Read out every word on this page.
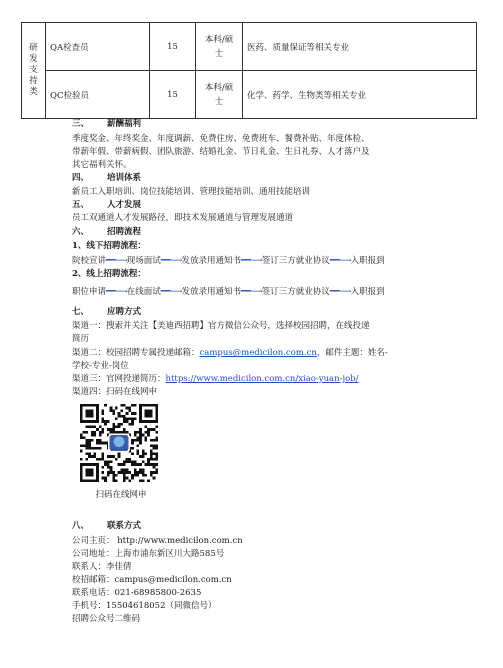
研
发
支
持
类	QA检查员	15	本科/硕
士	医药、质量保证等相关专业
	QC检验员	15	本科/硕
士	化学、药学、生物类等相关专业
三、 薪酬福利
季度奖金、年终奖金、年度调薪、免费住房、免费班车、餐费补贴、年度体检、
带薪年假、带薪病假、团队旅游、结婚礼金、节日礼金、生日礼券、人才落户及
其它福利关怀。
四、 培训体系
新员工入职培训、岗位技能培训、管理技能培训、通用技能培训
五、 人才发展
员工双通道人才发展路径，即技术发展通道与管理发展通道
六、 招聘流程
1、线下招聘流程：
院校宣讲━━⟶现场面试━━⟶发放录用通知书━━⟶签订三方就业协议━━⟶入职报到
2、线上招聘流程：
职位申请━━⟶在线面试━━⟶发放录用通知书━━⟶签订三方就业协议━━⟶入职报到
七、 应聘方式
渠道一：搜索并关注【美迪西招聘】官方微信公众号，选择校园招聘，在线投递
简历
渠道二：校园招聘专属投递邮箱：campus@medicilon.com.cn，邮件主题：姓名-
学校-专业-岗位
渠道三：官网投递简历：https://www.medicilon.com.cn/xiao-yuan-job/
渠道四：扫码在线网申
扫码在线网申
八、 联系方式
公司主页： http://www.medicilon.com.cn
公司地址：上海市浦东新区川大路585号
联系人：李佳倩
校招邮箱：campus@medicilon.com.cn
联系电话：021-68985800-2635
手机号：15504618052（同微信号）
招聘公众号二维码
